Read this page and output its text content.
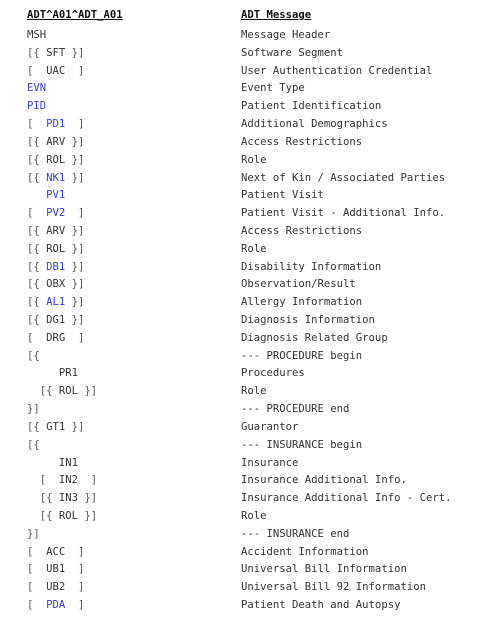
ADT^A01^ADT_A01	ADT Message
MSH	Message Header
[{ SFT }]	Software Segment
[  UAC  ]	User Authentication Credential
EVN	Event Type
PID	Patient Identification
[  PD1  ]	Additional Demographics
[{ ARV }]	Access Restrictions
[{ ROL }]	Role
[{ NK1 }]	Next of Kin / Associated Parties
PV1	Patient Visit
[  PV2  ]	Patient Visit - Additional Info.
[{ ARV }]	Access Restrictions
[{ ROL }]	Role
[{ DB1 }]	Disability Information
[{ OBX }]	Observation/Result
[{ AL1 }]	Allergy Information
[{ DG1 }]	Diagnosis Information
[  DRG  ]	Diagnosis Related Group
[{	--- PROCEDURE begin
PR1	Procedures
[{ ROL }]	Role
}]	--- PROCEDURE end
[{ GT1 }]	Guarantor
[{	--- INSURANCE begin
IN1	Insurance
[  IN2  ]	Insurance Additional Info.
[{ IN3 }]	Insurance Additional Info - Cert.
[{ ROL }]	Role
}]	--- INSURANCE end
[  ACC  ]	Accident Information
[  UB1  ]	Universal Bill Information
[  UB2  ]	Universal Bill 92 Information
[  PDA  ]	Patient Death and Autopsy
